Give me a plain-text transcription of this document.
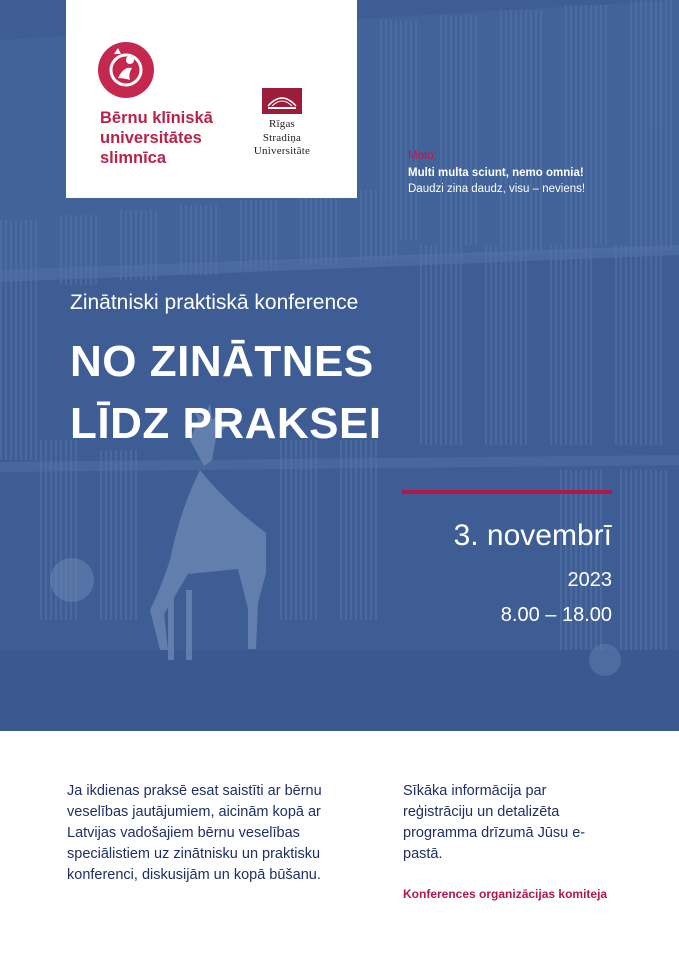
Bērnu klīniskā
universitātes
slimnīca
Rīgas
Stradiņa
Universitāte	Moto:
Multi multa sciunt, nemo omnia!
Daudzi zina daudz, visu – neviens!
Zinātniski praktiskā konference
NO ZINĀTNES
LĪDZ PRAKSEI
3. novembrī
2023
8.00 – 18.00

Ja ikdienas praksē esat saistīti ar bērnu veselības jautājumiem, aicinām kopā ar Latvijas vadošajiem bērnu veselības speciālistiem uz zinātnisku un praktisku konferenci, diskusijām un kopā būšanu.

Sīkāka informācija par reģistrāciju un detalizēta programma drīzumā Jūsu e-pastā.

Konferences organizācijas komiteja
